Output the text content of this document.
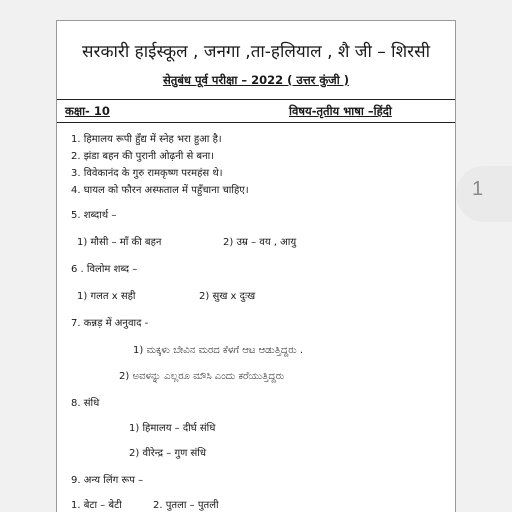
सरकारी हाईस्कूल , जनगा ,ता-हलियाल , शै जी – शिरसी
सेतुबंध पूर्व परीक्षा – 2022 ( उत्तर कुंजी )
कक्षा- 10	विषय-तृतीय भाषा –हिंदी
1. हिमालय रूपी हुँद्य में स्नेह भरा हुआ है।
2. झंडा बहन की पुरानी ओढ़नी से बना।
3. विवेकानंद के गुरु रामकृष्ण परमहंस थे।
4. घायल को फौरन अस्फताल में पहुँचाना चाहिए।
5. शब्दार्थ –
1) मौसी – माँ की बहन	2) उम्र – वय , आयु
6 . विलोम शब्द –
1) गलत x सही	2) सुख x दुःख
7. कन्नड़ में अनुवाद -
1) ಮಕ್ಕಳು ಬೇವಿನ ಮರದ ಕೆಳಗೆ ಆಟ ಆಡುತ್ತಿದ್ದರು .
2) ಅವಳನ್ನು ಎಲ್ಲರೂ ಮೌಸಿ ಎಂದು ಕರೆಯುತ್ತಿದ್ದರು
8. संधि
1) हिमालय – दीर्घ संधि
2) वीरेन्द्र – गुण संधि
9. अन्य लिंग रूप –
1. बेटा – बेटी	2. पुतला – पुतली
1
